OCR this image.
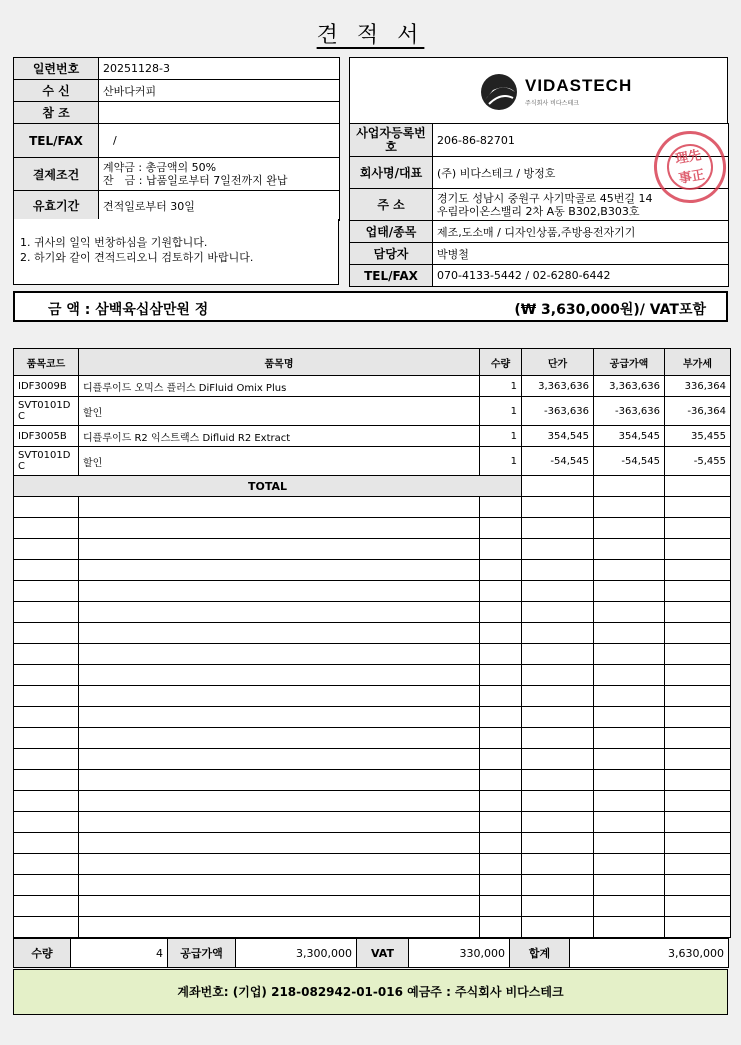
견 적 서
일련번호	20251128-3
수 신	산바다커피
참 조	
TEL/FAX	/
결제조건	계약금 : 총금액의 50%
잔　금 : 납품일로부터 7일전까지 완납

유효기간	견적일로부터 30일
1. 귀사의 일익 번창하심을 기원합니다.
2. 하기와 같이 견적드리오니 검토하기 바랍니다.
VIDASTECH
주식회사 비다스테크
사업자등록번호	206-86-82701
회사명/대표	(주) 비다스테크 / 방정호
주 소	경기도 성남시 중원구 사기막골로 45번길 14
우림라이온스밸리 2차 A동 B302,B303호

업태/종목	제조,도소매 / 디자인상품,주방용전자기기
담당자	박병철
TEL/FAX	070-4133-5442 / 02-6280-6442
理先 事正
금 액 : 삼백육십삼만원 정	(₩ 3,630,000원)/ VAT포함
품목코드	품목명	수량	단가	공급가액	부가세
IDF3009B	디플루이드 오믹스 플러스 DiFluid Omix Plus	1	3,363,636	3,363,636	336,364
SVT0101DC	할인	1	-363,636	-363,636	-36,364
IDF3005B	디플루이드 R2 익스트랙스 Difluid R2 Extract	1	354,545	354,545	35,455
SVT0101DC	할인	1	-54,545	-54,545	-5,455
TOTAL					

수량	4	공급가액	3,300,000	VAT	330,000	합계	3,630,000
계좌번호: (기업) 218-082942-01-016 예금주 : 주식회사 비다스테크
